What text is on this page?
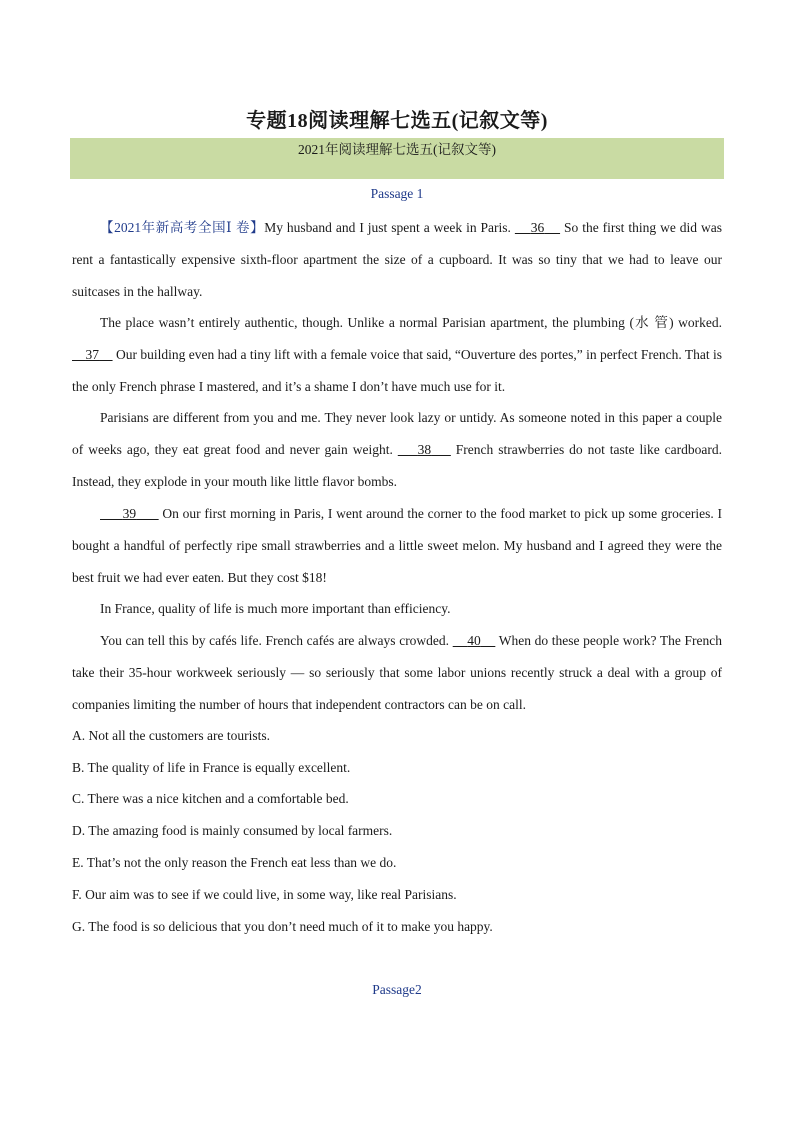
专题18阅读理解七选五(记叙文等)
2021年阅读理解七选五(记叙文等)
Passage 1
【2021年新高考全国Ⅰ 卷】My husband and I just spent a week in Paris.     36     So the first thing we did was rent a fantastically expensive sixth-floor apartment the size of a cupboard. It was so tiny that we had to leave our suitcases in the hallway.
The place wasn’t entirely authentic, though. Unlike a normal Parisian apartment, the plumbing (水 管) worked.     37     Our building even had a tiny lift with a female voice that said, “Ouverture des portes,” in perfect French. That is the only French phrase I mastered, and it’s a shame I don’t have much use for it.
Parisians are different from you and me. They never look lazy or untidy. As someone noted in this paper a couple of weeks ago, they eat great food and never gain weight.     38     French strawberries do not taste like cardboard. Instead, they explode in your mouth like little flavor bombs.
39       On our first morning in Paris, I went around the corner to the food market to pick up some groceries. I bought a handful of perfectly ripe small strawberries and a little sweet melon. My husband and I agreed they were the best fruit we had ever eaten. But they cost $18!
In France, quality of life is much more important than efficiency.
You can tell this by cafés life. French cafés are always crowded.     40     When do these people work? The French take their 35-hour workweek seriously — so seriously that some labor unions recently struck a deal with a group of companies limiting the number of hours that independent contractors can be on call.
A. Not all the customers are tourists.
B. The quality of life in France is equally excellent.
C. There was a nice kitchen and a comfortable bed.
D. The amazing food is mainly consumed by local farmers.
E. That’s not the only reason the French eat less than we do.
F. Our aim was to see if we could live, in some way, like real Parisians.
G. The food is so delicious that you don’t need much of it to make you happy.
Passage2
